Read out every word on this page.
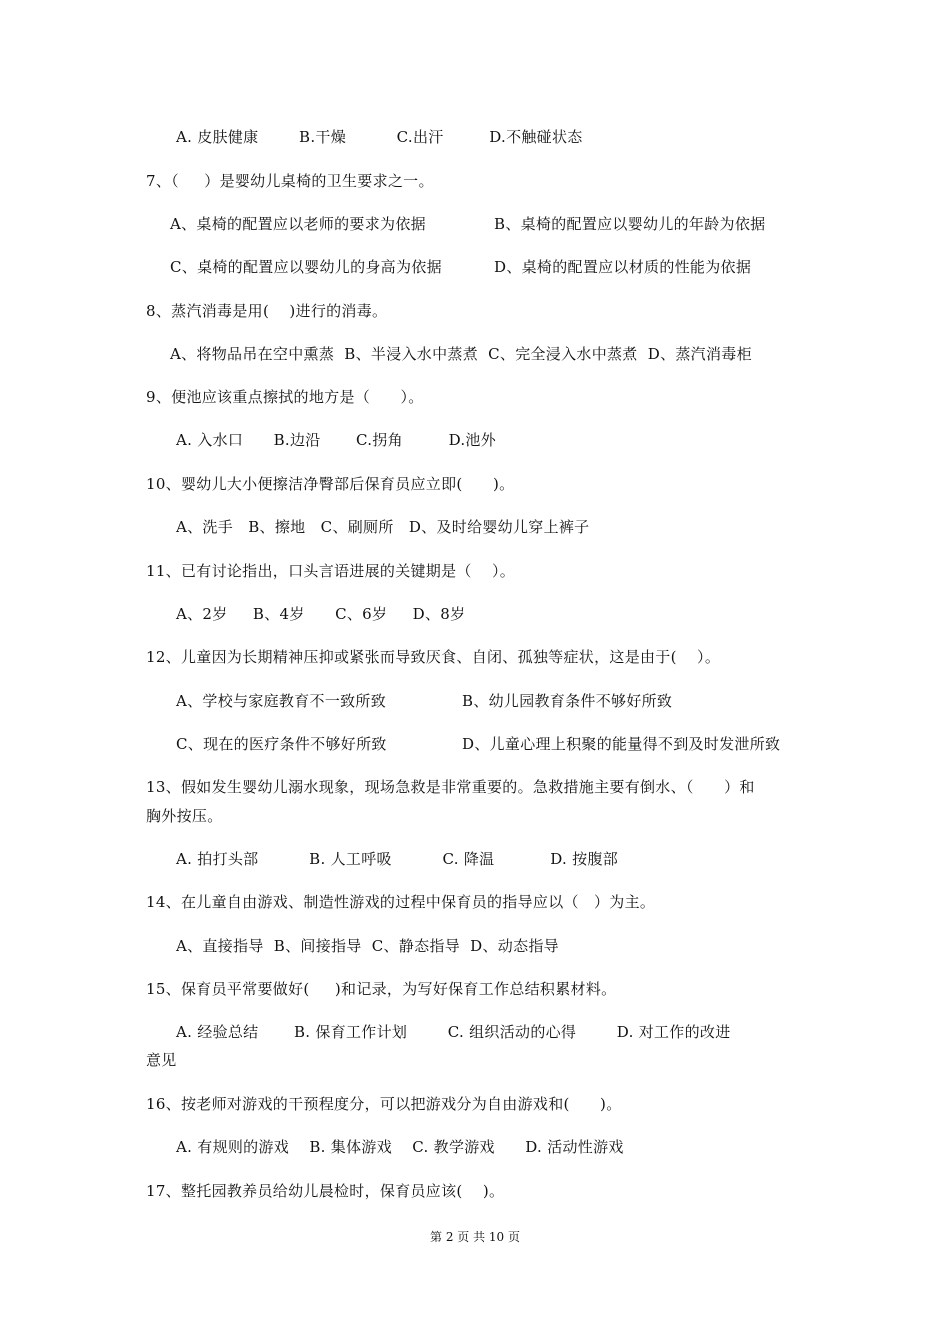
A. 皮肤健康        B.干燥          C.出汗         D.不触碰状态
7、（     ）是婴幼儿桌椅的卫生要求之一。
A、桌椅的配置应以老师的要求为依据	B、桌椅的配置应以婴幼儿的年龄为依据
C、桌椅的配置应以婴幼儿的身高为依据	D、桌椅的配置应以材质的性能为依据
8、蒸汽消毒是用(    )进行的消毒。
A、将物品吊在空中熏蒸  B、半浸入水中蒸煮  C、完全浸入水中蒸煮  D、蒸汽消毒柜
9、便池应该重点擦拭的地方是（      ）。
A. 入水口      B.边沿       C.拐角         D.池外
10、婴幼儿大小便擦洁净臀部后保育员应立即(      )。
A、洗手   B、擦地   C、刷厕所   D、及时给婴幼儿穿上裤子
11、已有讨论指出，口头言语进展的关键期是（    ）。
A、2岁     B、4岁      C、6岁     D、8岁
12、儿童因为长期精神压抑或紧张而导致厌食、自闭、孤独等症状，这是由于(    ）。
A、学校与家庭教育不一致所致	B、幼儿园教育条件不够好所致
C、现在的医疗条件不够好所致	D、儿童心理上积聚的能量得不到及时发泄所致
13、假如发生婴幼儿溺水现象，现场急救是非常重要的。急救措施主要有倒水、（      ）和
胸外按压。
A. 拍打头部          B. 人工呼吸          C. 降温           D. 按腹部
14、在儿童自由游戏、制造性游戏的过程中保育员的指导应以（   ）为主。
A、直接指导  B、间接指导  C、静态指导  D、动态指导
15、保育员平常要做好(     )和记录，为写好保育工作总结积累材料。
A. 经验总结       B. 保育工作计划        C. 组织活动的心得        D. 对工作的改进
意见
16、按老师对游戏的干预程度分，可以把游戏分为自由游戏和(      )。
A. 有规则的游戏    B. 集体游戏    C. 教学游戏      D. 活动性游戏
17、整托园教养员给幼儿晨检时，保育员应该(    )。
第 2 页 共 10 页
